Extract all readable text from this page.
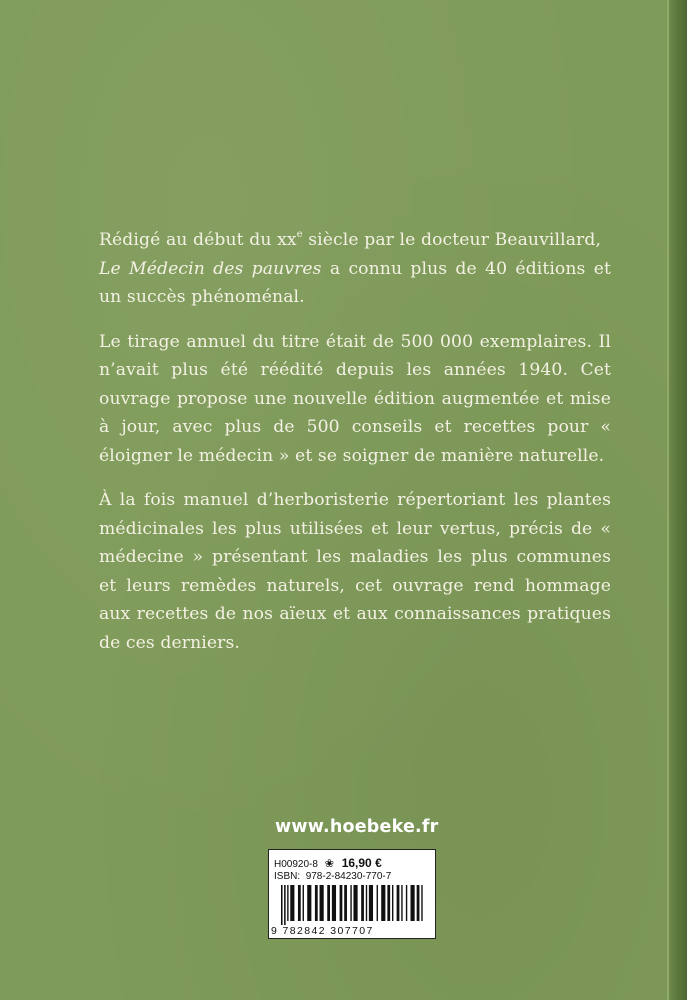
Rédigé au début du $xx^e$ siècle par le docteur Beauvillard,
Le Médecin des pauvres a connu plus de 40 éditions et un succès phénoménal.

Le tirage annuel du titre était de 500 000 exemplaires. Il n’avait plus été réédité depuis les années 1940. Cet ouvrage propose une nouvelle édition augmentée et mise à jour, avec plus de 500 conseils et recettes pour « éloigner le médecin » et se soigner de manière naturelle.

À la fois manuel d’herboristerie répertoriant les plantes médicinales les plus utilisées et leur vertus, précis de « médecine » présentant les maladies les plus communes et leurs remèdes naturels, cet ouvrage rend hommage aux recettes de nos aïeux et aux connaissances pratiques de ces derniers.

www.hoebeke.fr
H00920-8 ❀ 16,90 €
ISBN: 978-2-84230-770-7
9 782842 307707
